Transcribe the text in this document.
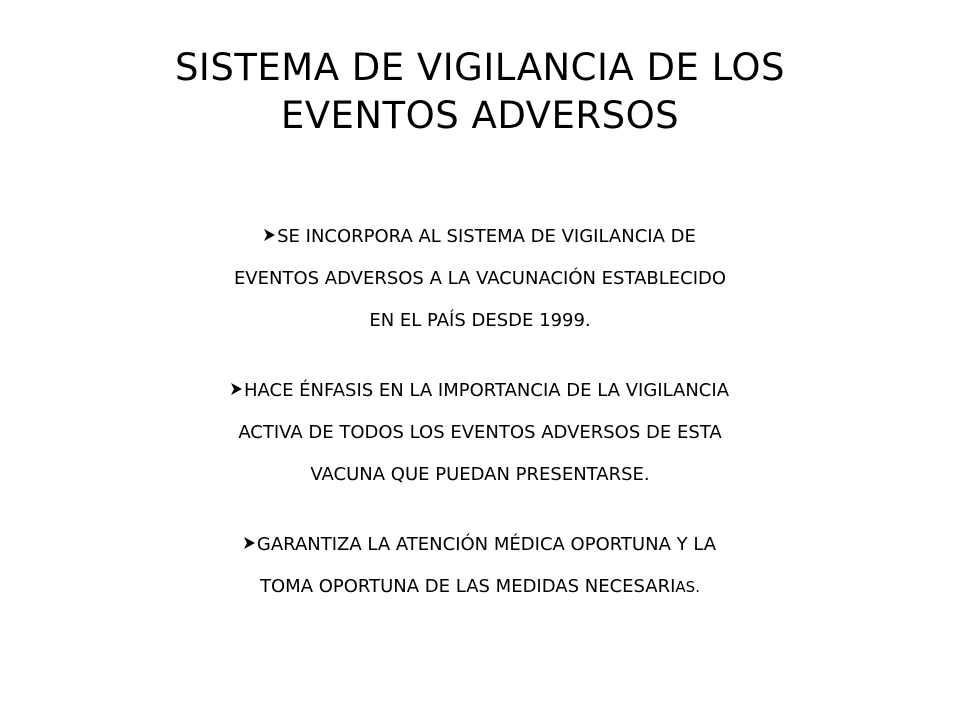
SISTEMA DE VIGILANCIA DE LOS
EVENTOS ADVERSOS
SE INCORPORA AL SISTEMA DE VIGILANCIA DE
EVENTOS ADVERSOS A LA VACUNACIÓN ESTABLECIDO
EN EL PAÍS DESDE 1999.
HACE ÉNFASIS EN LA IMPORTANCIA DE LA VIGILANCIA
ACTIVA DE TODOS LOS EVENTOS ADVERSOS DE ESTA
VACUNA QUE PUEDAN PRESENTARSE.
GARANTIZA LA ATENCIÓN MÉDICA OPORTUNA Y LA
TOMA OPORTUNA DE LAS MEDIDAS NECESARIAS.
